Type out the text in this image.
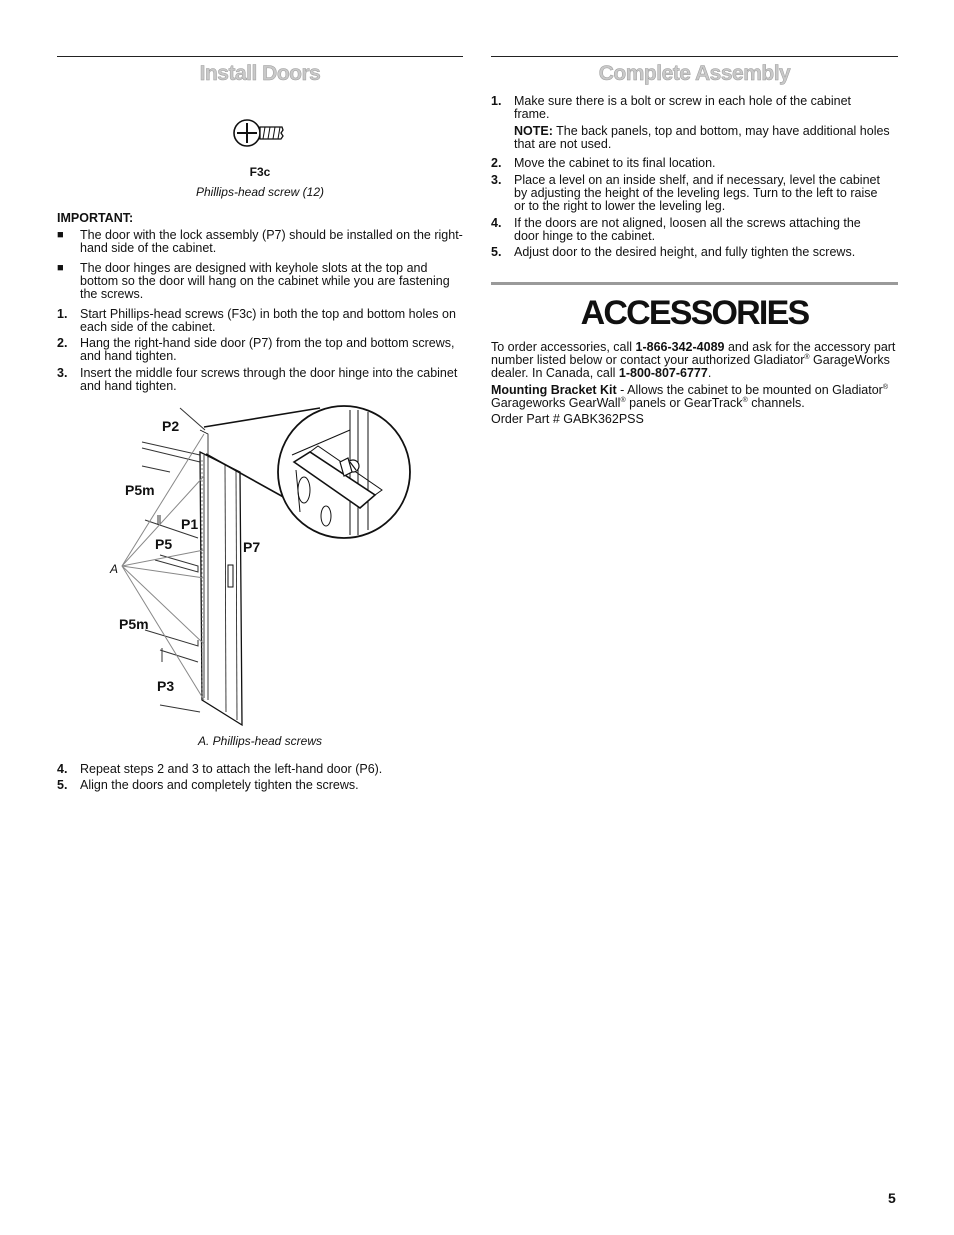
Install Doors
F3c
Phillips-head screw (12)
IMPORTANT:
■	The door with the lock assembly (P7) should be installed on the right-hand side of the cabinet.
■	The door hinges are designed with keyhole slots at the top and bottom so the door will hang on the cabinet while you are fastening the screws.
1.	Start Phillips-head screws (F3c) in both the top and bottom holes on each side of the cabinet.
2.	Hang the right-hand side door (P7) from the top and bottom screws, and hand tighten.
3.	Insert the middle four screws through the door hinge into the cabinet and hand tighten.
P2
P5m
P1
P5	P7
A
P5m
P3
A. Phillips-head screws
4.	Repeat steps 2 and 3 to attach the left-hand door (P6).
5.	Align the doors and completely tighten the screws.
Complete Assembly
1.	Make sure there is a bolt or screw in each hole of the cabinet frame.
NOTE: The back panels, top and bottom, may have additional holes that are not used.
2.	Move the cabinet to its final location.
3.	Place a level on an inside shelf, and if necessary, level the cabinet by adjusting the height of the leveling legs. Turn to the left to raise or to the right to lower the leveling leg.
4.	If the doors are not aligned, loosen all the screws attaching the door hinge to the cabinet.
5.	Adjust door to the desired height, and fully tighten the screws.
ACCESSORIES
To order accessories, call 1-866-342-4089 and ask for the accessory part number listed below or contact your authorized Gladiator® GarageWorks dealer. In Canada, call 1-800-807-6777.
Mounting Bracket Kit - Allows the cabinet to be mounted on Gladiator® Garageworks GearWall® panels or GearTrack® channels.
Order Part # GABK362PSS
5
